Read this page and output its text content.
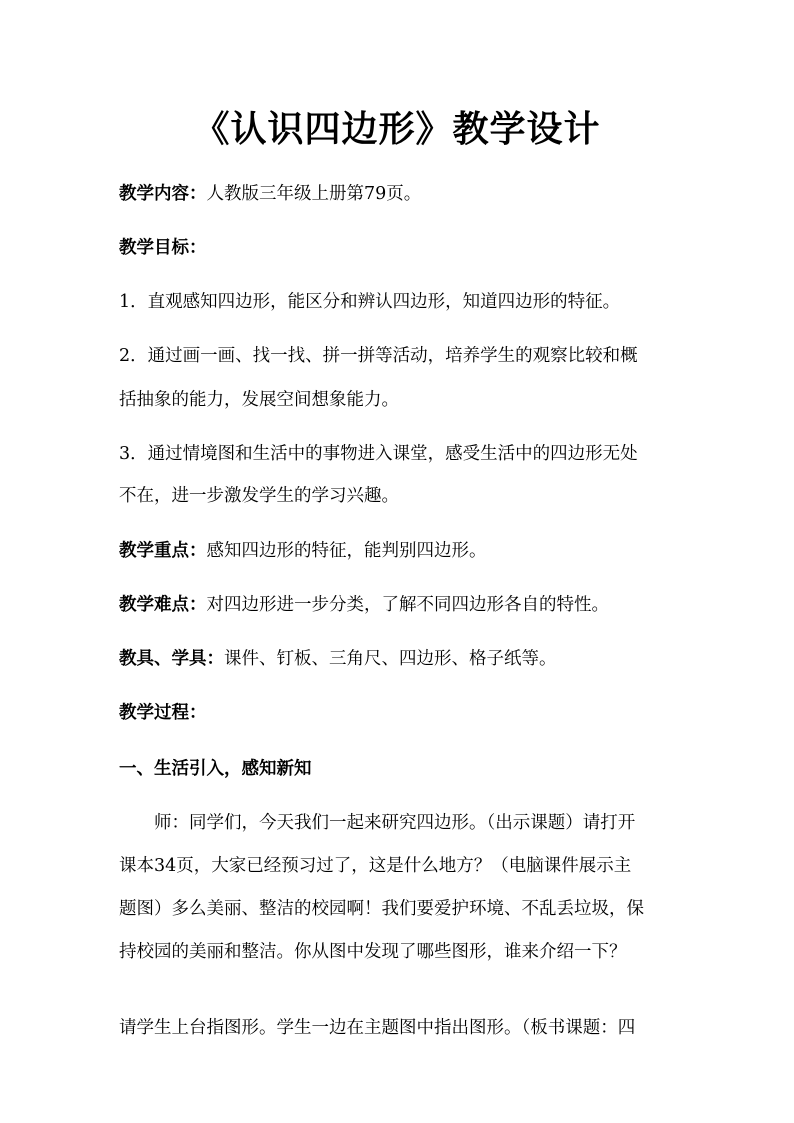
《认识四边形》教学设计
教学内容：人教版三年级上册第79页。
教学目标：
1．直观感知四边形，能区分和辨认四边形，知道四边形的特征。
2．通过画一画、找一找、拼一拼等活动，培养学生的观察比较和概
括抽象的能力，发展空间想象能力。
3．通过情境图和生活中的事物进入课堂，感受生活中的四边形无处
不在，进一步激发学生的学习兴趣。
教学重点：感知四边形的特征，能判别四边形。
教学难点：对四边形进一步分类，了解不同四边形各自的特性。
教具、学具：课件、钉板、三角尺、四边形、格子纸等。
教学过程：
一、生活引入，感知新知
师：同学们，今天我们一起来研究四边形。（出示课题）请打开
课本34页，大家已经预习过了，这是什么地方？（电脑课件展示主
题图）多么美丽、整洁的校园啊！我们要爱护环境、不乱丢垃圾，保
持校园的美丽和整洁。你从图中发现了哪些图形，谁来介绍一下？
请学生上台指图形。学生一边在主题图中指出图形。（板书课题：四
